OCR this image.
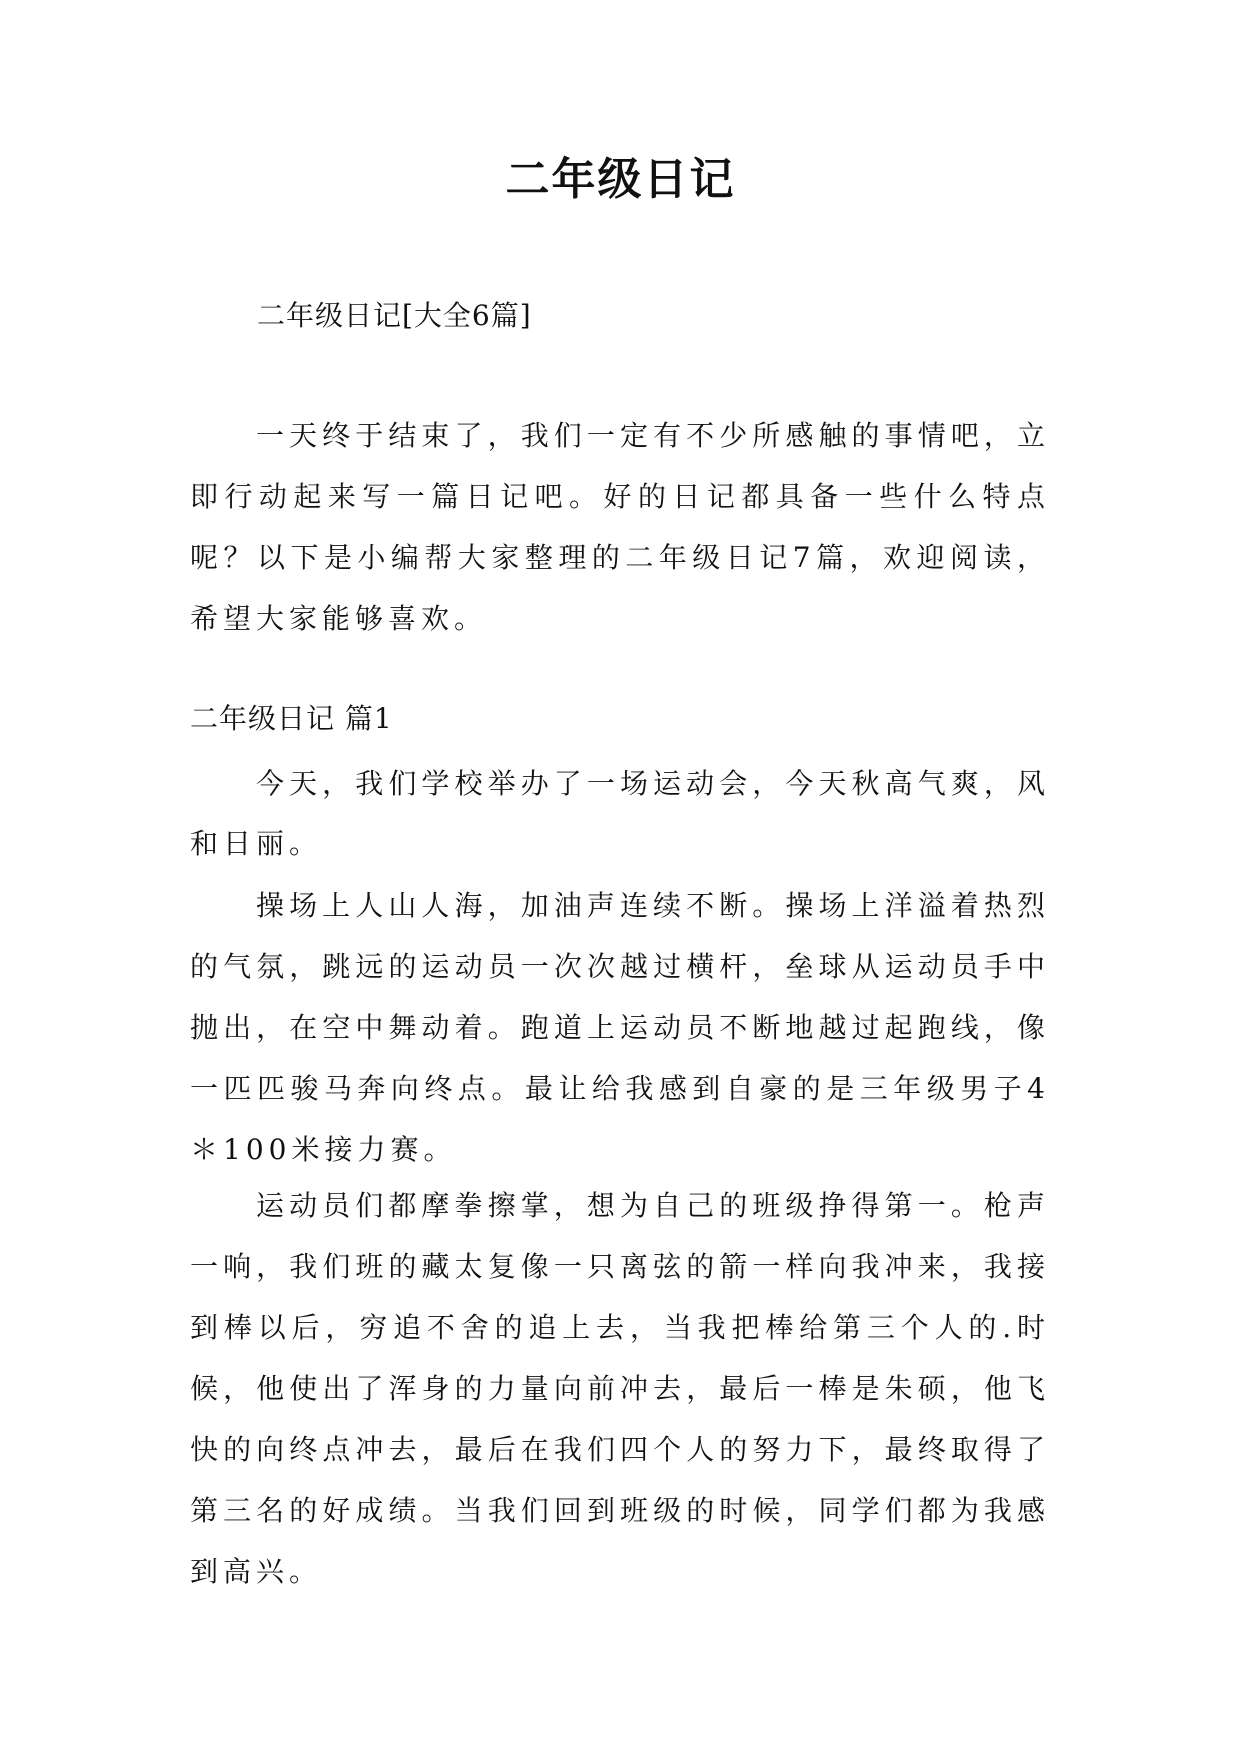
二年级日记
二年级日记[大全6篇]

一天终于结束了，我们一定有不少所感触的事情吧，立即行动起来写一篇日记吧。好的日记都具备一些什么特点呢？以下是小编帮大家整理的二年级日记7篇，欢迎阅读，希望大家能够喜欢。

二年级日记 篇1

今天，我们学校举办了一场运动会，今天秋高气爽，风和日丽。

操场上人山人海，加油声连续不断。操场上洋溢着热烈的气氛，跳远的运动员一次次越过横杆，垒球从运动员手中抛出，在空中舞动着。跑道上运动员不断地越过起跑线，像一匹匹骏马奔向终点。最让给我感到自豪的是三年级男子4＊100米接力赛。

运动员们都摩拳擦掌，想为自己的班级挣得第一。枪声一响，我们班的藏太复像一只离弦的箭一样向我冲来，我接到棒以后，穷追不舍的追上去，当我把棒给第三个人的.时候，他使出了浑身的力量向前冲去，最后一棒是朱硕，他飞快的向终点冲去，最后在我们四个人的努力下，最终取得了第三名的好成绩。当我们回到班级的时候，同学们都为我感到高兴。
